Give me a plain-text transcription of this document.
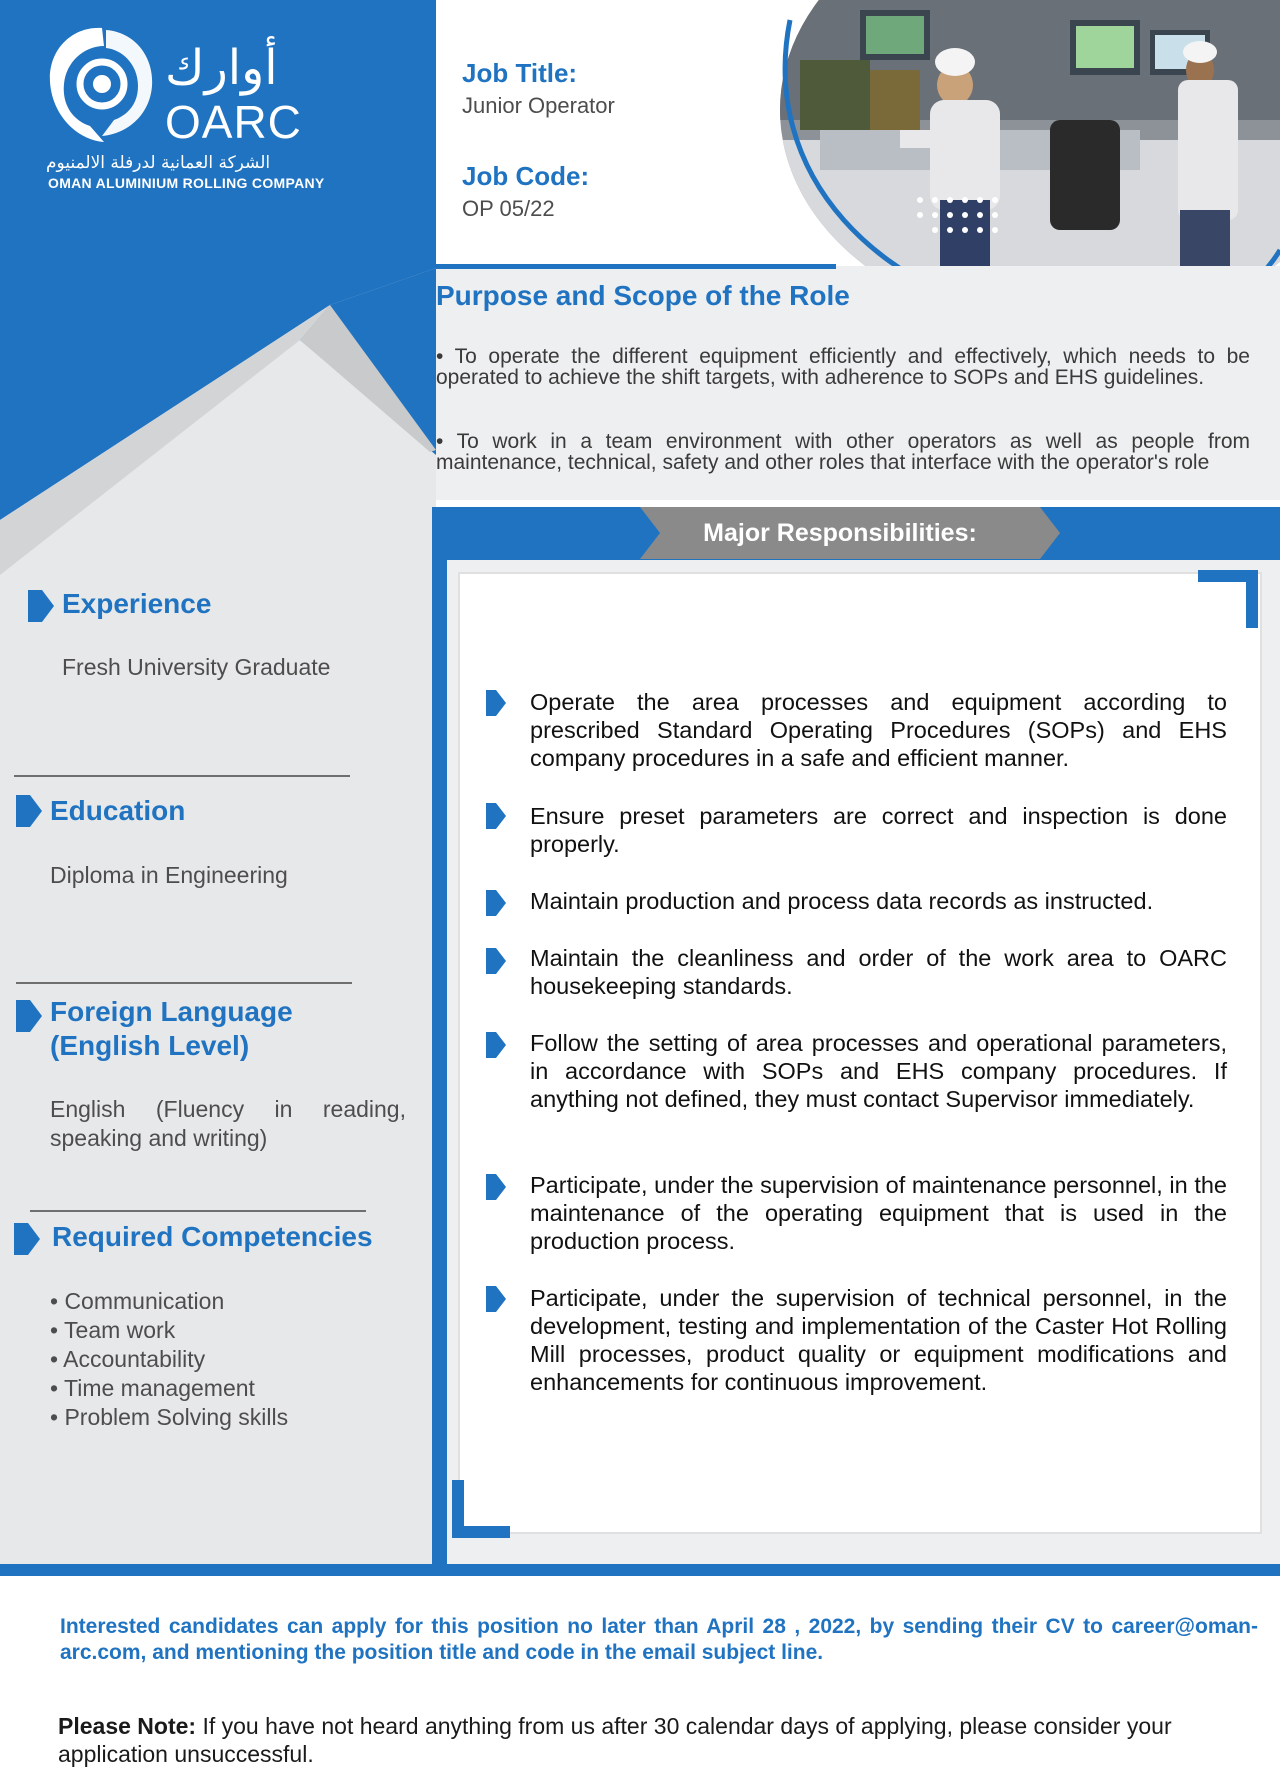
أوارك
OARC
الشركة العمانية لدرفلة الالمنيوم
OMAN ALUMINIUM ROLLING COMPANY
Job Title:
Junior Operator
Job Code:
OP 05/22
Purpose and Scope of the Role
• To operate the different equipment efficiently and effectively, which needs to be operated to achieve the shift targets, with adherence to SOPs and EHS guidelines.
• To work in a team environment with other operators as well as people from maintenance, technical, safety and other roles that interface with the operator's role
Experience
Fresh University Graduate
Education
Diploma in Engineering
Foreign Language
(English Level)
English (Fluency in reading, speaking and writing)
Required Competencies
• Communication
• Team work
• Accountability
• Time management
• Problem Solving skills
Major Responsibilities:
Operate the area processes and equipment according to prescribed Standard Operating Procedures (SOPs) and EHS company procedures in a safe and efficient manner.
Ensure preset parameters are correct and inspection is done properly.
Maintain production and process data records as instructed.
Maintain the cleanliness and order of the work area to OARC housekeeping standards.
Follow the setting of area processes and operational parameters, in accordance with SOPs and EHS company procedures. If anything not defined, they must contact Supervisor immediately.
Participate, under the supervision of maintenance personnel, in the maintenance of the operating equipment that is used in the production process.
Participate, under the supervision of technical personnel, in the development, testing and implementation of the Caster Hot Rolling Mill processes, product quality or equipment modifications and enhancements for continuous improvement.
Interested candidates can apply for this position no later than April 28 , 2022, by sending their CV to career@oman-arc.com, and mentioning the position title and code in the email subject line.
Please Note: If you have not heard anything from us after 30 calendar days of applying, please consider your application unsuccessful.
